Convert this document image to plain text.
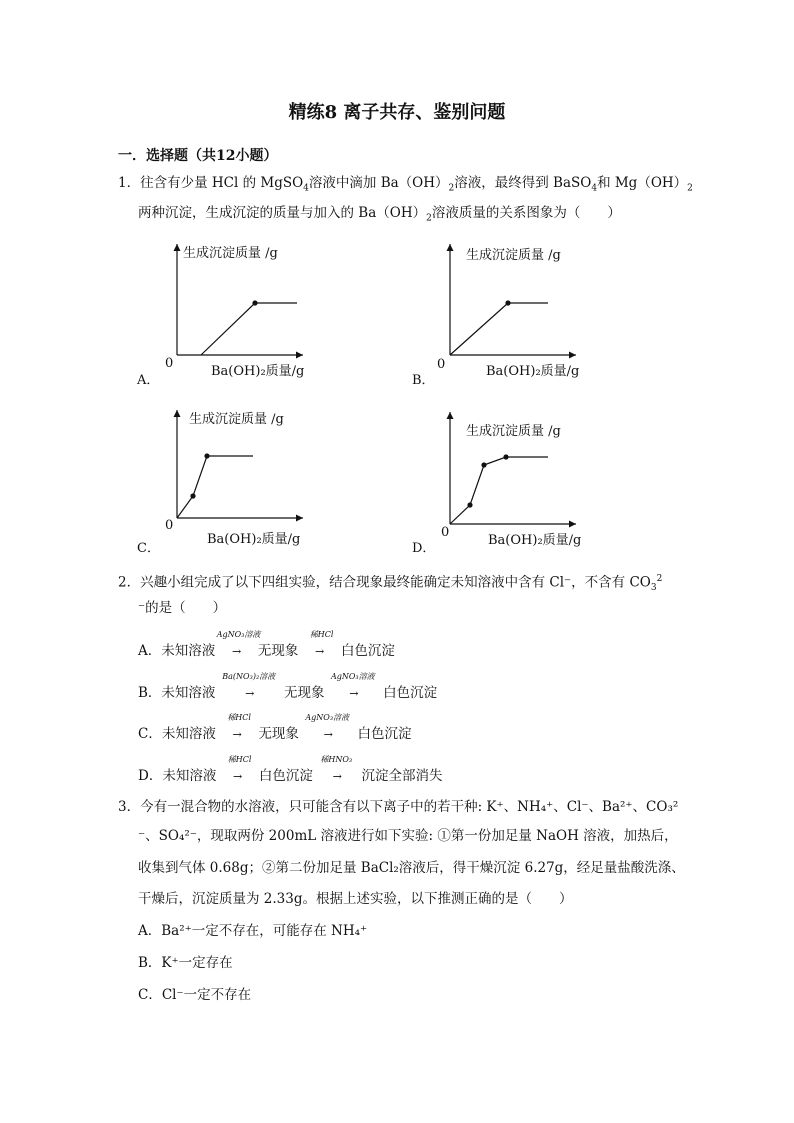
精练8 离子共存、鉴别问题
一．选择题（共12小题）
1．往含有少量 HCl 的 MgSO$_4$溶液中滴加 $Ba(OH)_2$溶液，最终得到 BaSO$_4$和 $Mg(OH)_2$
两种沉淀，生成沉淀的质量与加入的 $Ba(OH)_2$溶液质量的关系图象为（　　）
生成沉淀质量 /g
0
Ba(OH)₂质量/g
A．
生成沉淀质量 /g
0	Ba(OH)₂质量/g
B．
生成沉淀质量 /g
0
Ba(OH)₂质量/g
C．
生成沉淀质量 /g
0
Ba(OH)₂质量/g
D．
2．兴趣小组完成了以下四组实验，结合现象最终能确定未知溶液中含有 Cl⁻，不含有 $CO_3^2$
⁻的是（　　）
A．未知溶液
AgNO₃溶液
→ 无现象
稀HCl
→ 白色沉淀
B．未知溶液
Ba(NO₃)₂溶液
→ 无现象
AgNO₃溶液
→ 白色沉淀
C．未知溶液
稀HCl
→ 无现象
AgNO₃溶液
→ 白色沉淀
D．未知溶液
稀HCl
→ 白色沉淀
稀HNO₃
→ 沉淀全部消失
3．今有一混合物的水溶液，只可能含有以下离子中的若干种: K⁺、NH₄⁺、Cl⁻、Ba²⁺、CO₃²
⁻、SO₄²⁻，现取两份 200mL 溶液进行如下实验: ①第一份加足量 NaOH 溶液，加热后，
收集到气体 0.68g；②第二份加足量 BaCl₂溶液后，得干燥沉淀 6.27g，经足量盐酸洗涤、
干燥后，沉淀质量为 2.33g。根据上述实验，以下推测正确的是（　　）
A．Ba²⁺一定不存在，可能存在 NH₄⁺
B．K⁺一定存在
C．Cl⁻一定不存在
